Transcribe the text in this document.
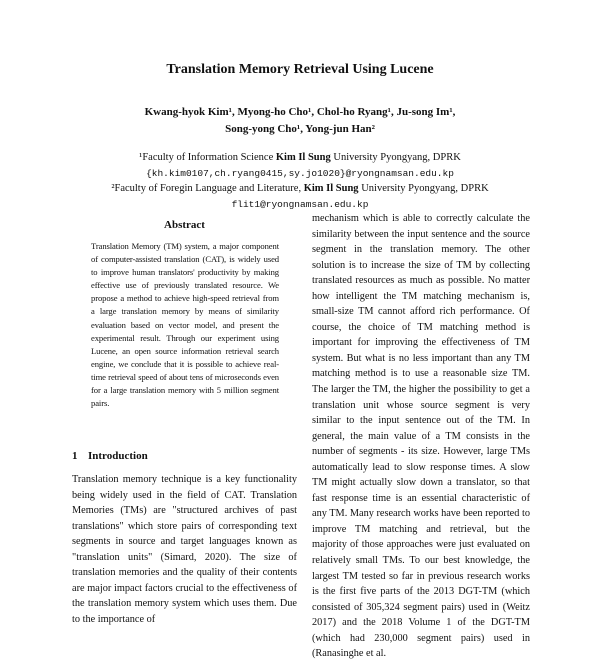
Translation Memory Retrieval Using Lucene
Kwang-hyok Kim¹, Myong-ho Cho¹, Chol-ho Ryang¹, Ju-song Im¹,
Song-yong Cho¹, Yong-jun Han²
¹Faculty of Information Science Kim Il Sung University Pyongyang, DPRK
{kh.kim0107,ch.ryang0415,sy.jo1020}@ryongnamsan.edu.kp
²Faculty of Foregin Language and Literature, Kim Il Sung University Pyongyang, DPRK
flit1@ryongnamsan.edu.kp
Abstract
Translation Memory (TM) system, a major component of computer-assisted translation (CAT), is widely used to improve human translators' productivity by making effective use of previously translated resource. We propose a method to achieve high-speed retrieval from a large translation memory by means of similarity evaluation based on vector model, and present the experimental result. Through our experiment using Lucene, an open source information retrieval search engine, we conclude that it is possible to achieve real-time retrieval speed of about tens of microseconds even for a large translation memory with 5 million segment pairs.
1 Introduction
Translation memory technique is a key functionality being widely used in the field of CAT. Translation Memories (TMs) are "structured archives of past translations" which store pairs of corresponding text segments in source and target languages known as "translation units" (Simard, 2020). The size of translation memories and the quality of their contents are major impact factors crucial to the effectiveness of the translation memory system which uses them. Due to the importance of
mechanism which is able to correctly calculate the similarity between the input sentence and the source segment in the translation memory. The other solution is to increase the size of TM by collecting translated resources as much as possible. No matter how intelligent the TM matching mechanism is, small-size TM cannot afford rich performance. Of course, the choice of TM matching method is important for improving the effectiveness of TM system. But what is no less important than any TM matching method is to use a reasonable size TM. The larger the TM, the higher the possibility to get a translation unit whose source segment is very similar to the input sentence out of the TM. In general, the main value of a TM consists in the number of segments - its size. However, large TMs automatically lead to slow response times. A slow TM might actually slow down a translator, so that fast response time is an essential characteristic of any TM. Many research works have been reported to improve TM matching and retrieval, but the majority of those approaches were just evaluated on relatively small TMs. To our best knowledge, the largest TM tested so far in previous research works is the first five parts of the 2013 DGT-TM (which consisted of 305,324 segment pairs) used in (Weitz 2017) and the 2018 Volume 1 of the DGT-TM (which had 230,000 segment pairs) used in (Ranasinghe et al.
